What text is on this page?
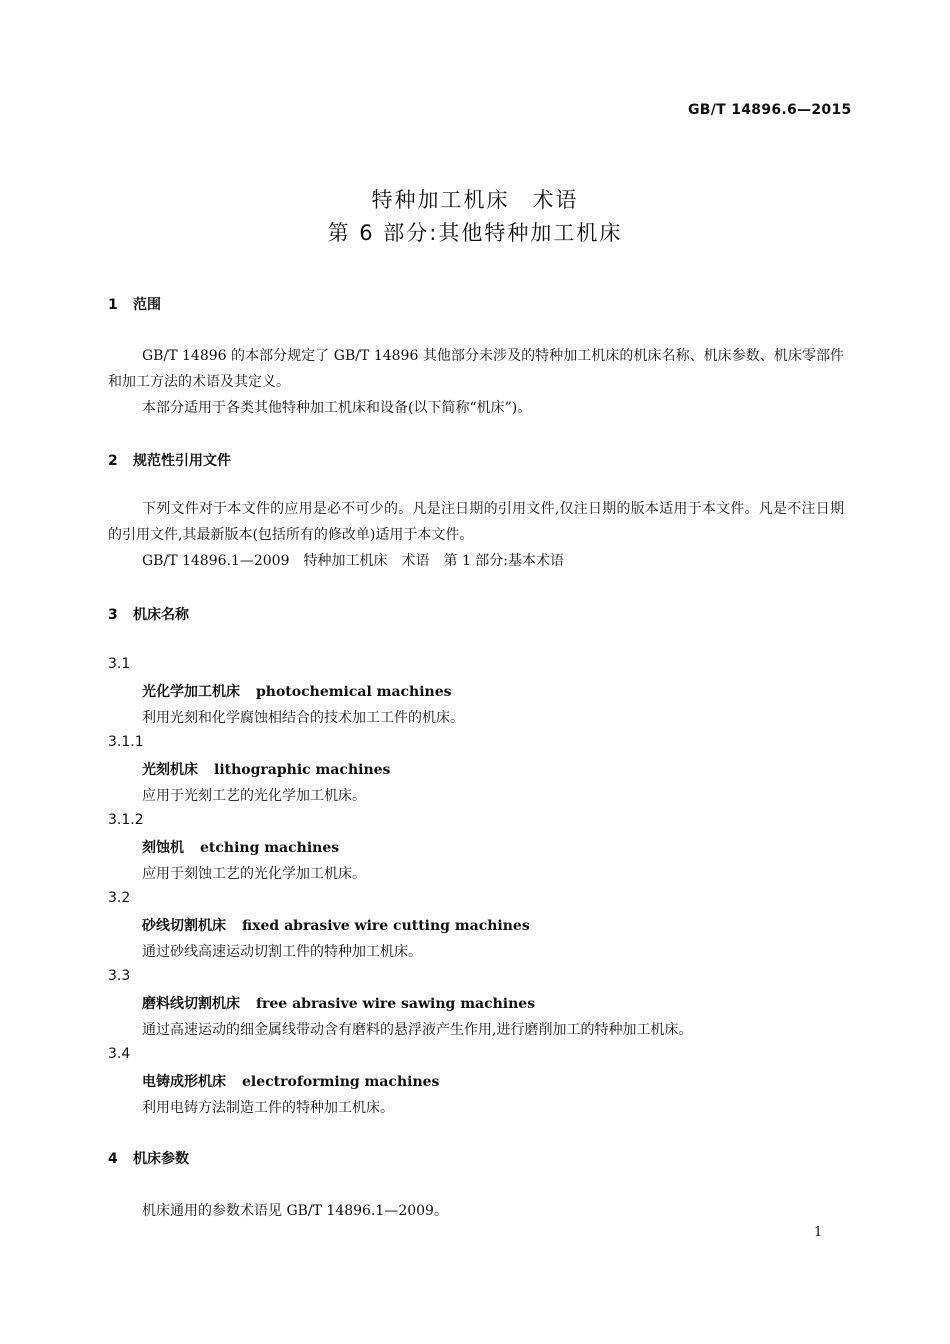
GB/T 14896.6—2015
特种加工机床　术语
第 6 部分:其他特种加工机床
1 范围

GB/T 14896 的本部分规定了 GB/T 14896 其他部分未涉及的特种加工机床的机床名称、机床参数、机床零部件和加工方法的术语及其定义。

本部分适用于各类其他特种加工机床和设备(以下简称“机床”)。

2 规范性引用文件

下列文件对于本文件的应用是必不可少的。凡是注日期的引用文件,仅注日期的版本适用于本文件。凡是不注日期的引用文件,其最新版本(包括所有的修改单)适用于本文件。

GB/T 14896.1—2009　特种加工机床　术语　第 1 部分:基本术语

3 机床名称
3.1
光化学加工机床 photochemical machines
利用光刻和化学腐蚀相结合的技术加工工件的机床。
3.1.1
光刻机床 lithographic machines
应用于光刻工艺的光化学加工机床。
3.1.2
刻蚀机 etching machines
应用于刻蚀工艺的光化学加工机床。
3.2
砂线切割机床 fixed abrasive wire cutting machines
通过砂线高速运动切割工件的特种加工机床。
3.3
磨料线切割机床 free abrasive wire sawing machines
通过高速运动的细金属线带动含有磨料的悬浮液产生作用,进行磨削加工的特种加工机床。
3.4
电铸成形机床 electroforming machines
利用电铸方法制造工件的特种加工机床。
4 机床参数
机床通用的参数术语见 GB/T 14896.1—2009。
1
